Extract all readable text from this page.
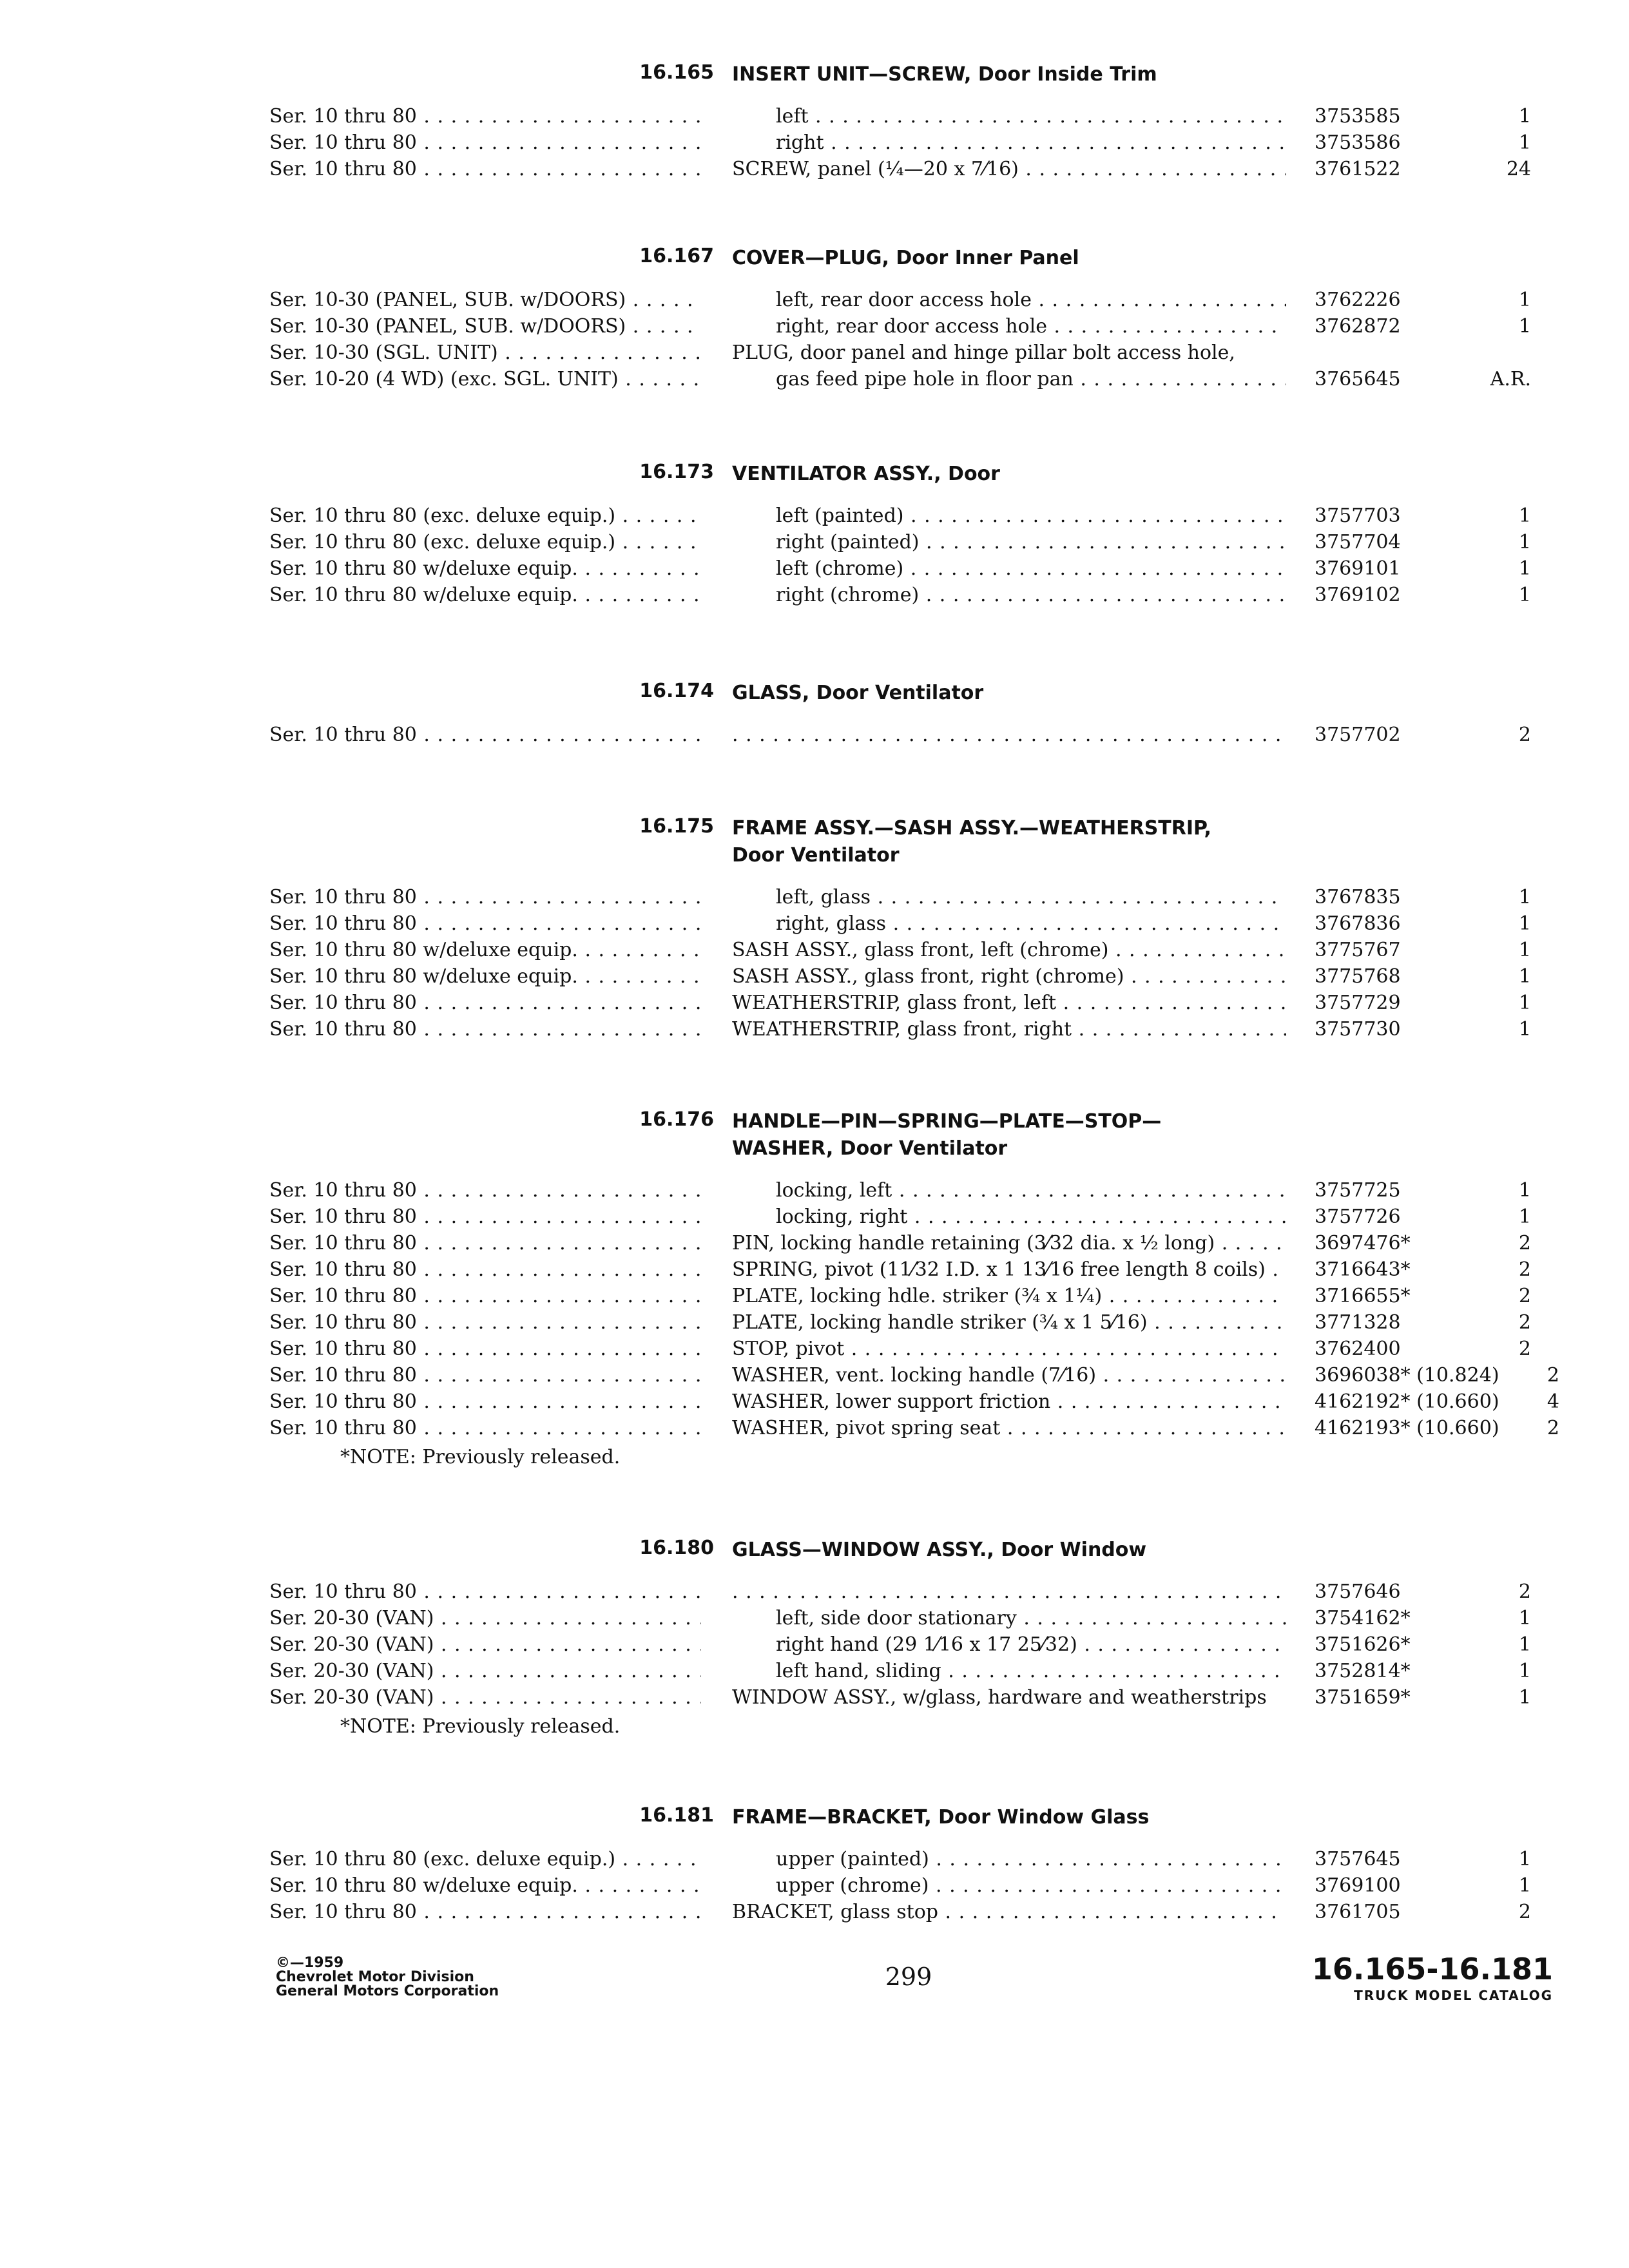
16.165 INSERT UNIT—SCREW, Door Inside Trim
Ser. 10 thru 80 . . .	left . . .	3753585	1
Ser. 10 thru 80 . . .	right . . .	3753586	1
Ser. 10 thru 80 . . .	SCREW, panel (¼—20 x 7⁄16) . . .	3761522	24
16.167 COVER—PLUG, Door Inner Panel
Ser. 10-30 (PANEL, SUB. w/DOORS) . . .	left, rear door access hole . . .	3762226	1
Ser. 10-30 (PANEL, SUB. w/DOORS) . . .	right, rear door access hole . . .	3762872	1
Ser. 10-30 (SGL. UNIT) . . .	PLUG, door panel and hinge pillar bolt access hole,
Ser. 10-20 (4 WD) (exc. SGL. UNIT) . . .	gas feed pipe hole in floor pan . . .	3765645	A.R.
16.173 VENTILATOR ASSY., Door
Ser. 10 thru 80 (exc. deluxe equip.) . . .	left (painted) . . .	3757703	1
Ser. 10 thru 80 (exc. deluxe equip.) . . .	right (painted) . . .	3757704	1
Ser. 10 thru 80 w/deluxe equip. . . .	left (chrome) . . .	3769101	1
Ser. 10 thru 80 w/deluxe equip. . . .	right (chrome) . . .	3769102	1
16.174 GLASS, Door Ventilator
Ser. 10 thru 80 . . . . . .	3757702	2
16.175 FRAME ASSY.—SASH ASSY.—WEATHERSTRIP,
Door Ventilator
Ser. 10 thru 80 . . .	left, glass . . .	3767835	1
Ser. 10 thru 80 . . .	right, glass . . .	3767836	1
Ser. 10 thru 80 w/deluxe equip. . . .	SASH ASSY., glass front, left (chrome) . . .	3775767	1
Ser. 10 thru 80 w/deluxe equip. . . .	SASH ASSY., glass front, right (chrome) . . .	3775768	1
Ser. 10 thru 80 . . .	WEATHERSTRIP, glass front, left . . .	3757729	1
Ser. 10 thru 80 . . .	WEATHERSTRIP, glass front, right . . .	3757730	1
16.176 HANDLE—PIN—SPRING—PLATE—STOP—
WASHER, Door Ventilator
Ser. 10 thru 80 . . .	locking, left . . .	3757725	1
Ser. 10 thru 80 . . .	locking, right . . .	3757726	1
Ser. 10 thru 80 . . .	PIN, locking handle retaining (3⁄32 dia. x ½ long) . . .	3697476*	2
Ser. 10 thru 80 . . .	SPRING, pivot (11⁄32 I.D. x 1 13⁄16 free length 8 coils) . . .	3716643*	2
Ser. 10 thru 80 . . .	PLATE, locking hdle. striker (¾ x 1¼) . . .	3716655*	2
Ser. 10 thru 80 . . .	PLATE, locking handle striker (¾ x 1 5⁄16) . . .	3771328	2
Ser. 10 thru 80 . . .	STOP, pivot . . .	3762400	2
Ser. 10 thru 80 . . .	WASHER, vent. locking handle (7⁄16) . . .	3696038* (10.824)	2
Ser. 10 thru 80 . . .	WASHER, lower support friction . . .	4162192* (10.660)	4
Ser. 10 thru 80 . . .	WASHER, pivot spring seat . . .	4162193* (10.660)	2
*NOTE: Previously released.
16.180 GLASS—WINDOW ASSY., Door Window
Ser. 10 thru 80 . . . . . .	3757646	2
Ser. 20-30 (VAN) . . .	left, side door stationary . . .	3754162*	1
Ser. 20-30 (VAN) . . .	right hand (29 1⁄16 x 17 25⁄32) . . .	3751626*	1
Ser. 20-30 (VAN) . . .	left hand, sliding . . .	3752814*	1
Ser. 20-30 (VAN) . . .	WINDOW ASSY., w/glass, hardware and weatherstrips	3751659*	1
*NOTE: Previously released.
16.181 FRAME—BRACKET, Door Window Glass
Ser. 10 thru 80 (exc. deluxe equip.) . . .	upper (painted) . . .	3757645	1
Ser. 10 thru 80 w/deluxe equip. . . .	upper (chrome) . . .	3769100	1
Ser. 10 thru 80 . . .	BRACKET, glass stop . . .	3761705	2
©—1959
Chevrolet Motor Division
General Motors Corporation
299	16.165-16.181
TRUCK MODEL CATALOG
